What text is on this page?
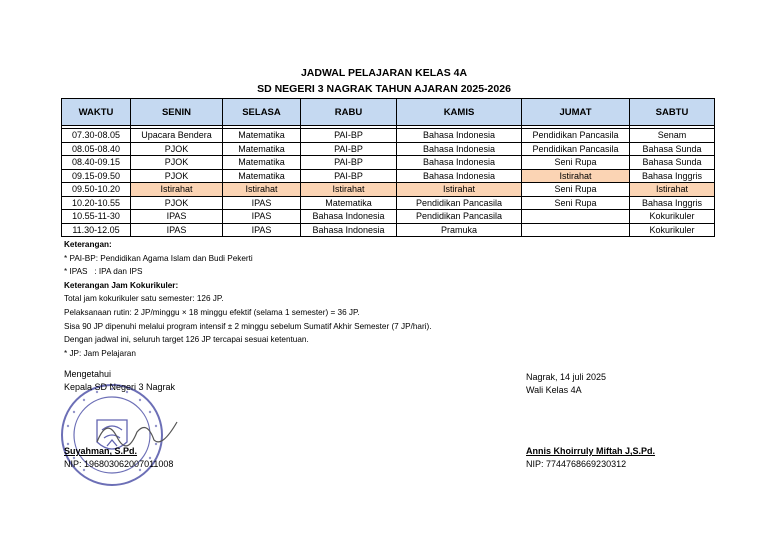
JADWAL PELAJARAN KELAS 4A
SD NEGERI 3 NAGRAK TAHUN AJARAN 2025-2026
WAKTU	SENIN	SELASA	RABU	KAMIS	JUMAT	SABTU

07.30-08.05	Upacara Bendera	Matematika	PAI-BP	Bahasa Indonesia	Pendidikan Pancasila	Senam
08.05-08.40	PJOK	Matematika	PAI-BP	Bahasa Indonesia	Pendidikan Pancasila	Bahasa Sunda
08.40-09.15	PJOK	Matematika	PAI-BP	Bahasa Indonesia	Seni Rupa	Bahasa Sunda
09.15-09.50	PJOK	Matematika	PAI-BP	Bahasa Indonesia	Istirahat	Bahasa Inggris
09.50-10.20	Istirahat	Istirahat	Istirahat	Istirahat	Seni Rupa	Istirahat
10.20-10.55	PJOK	IPAS	Matematika	Pendidikan Pancasila	Seni Rupa	Bahasa Inggris
10.55-11-30	IPAS	IPAS	Bahasa Indonesia	Pendidikan Pancasila		Kokurikuler
11.30-12.05	IPAS	IPAS	Bahasa Indonesia	Pramuka		Kokurikuler
Keterangan:
* PAI-BP: Pendidikan Agama Islam dan Budi Pekerti
* IPAS   : IPA dan IPS
Keterangan Jam Kokurikuler:
Total jam kokurikuler satu semester: 126 JP.
Pelaksanaan rutin: 2 JP/minggu × 18 minggu efektif (selama 1 semester) = 36 JP.
Sisa 90 JP dipenuhi melalui program intensif ± 2 minggu sebelum Sumatif Akhir Semester (7 JP/hari).
Dengan jadwal ini, seluruh target 126 JP tercapai sesuai ketentuan.
* JP: Jam Pelajaran
Mengetahui
Kepala SD Negeri 3 Nagrak
Suyahman, S.Pd.
NIP: 196803062007011008
Nagrak, 14 juli 2025
Wali Kelas 4A
Annis Khoirruly Miftah J,S.Pd.
NIP: 7744768669230312
